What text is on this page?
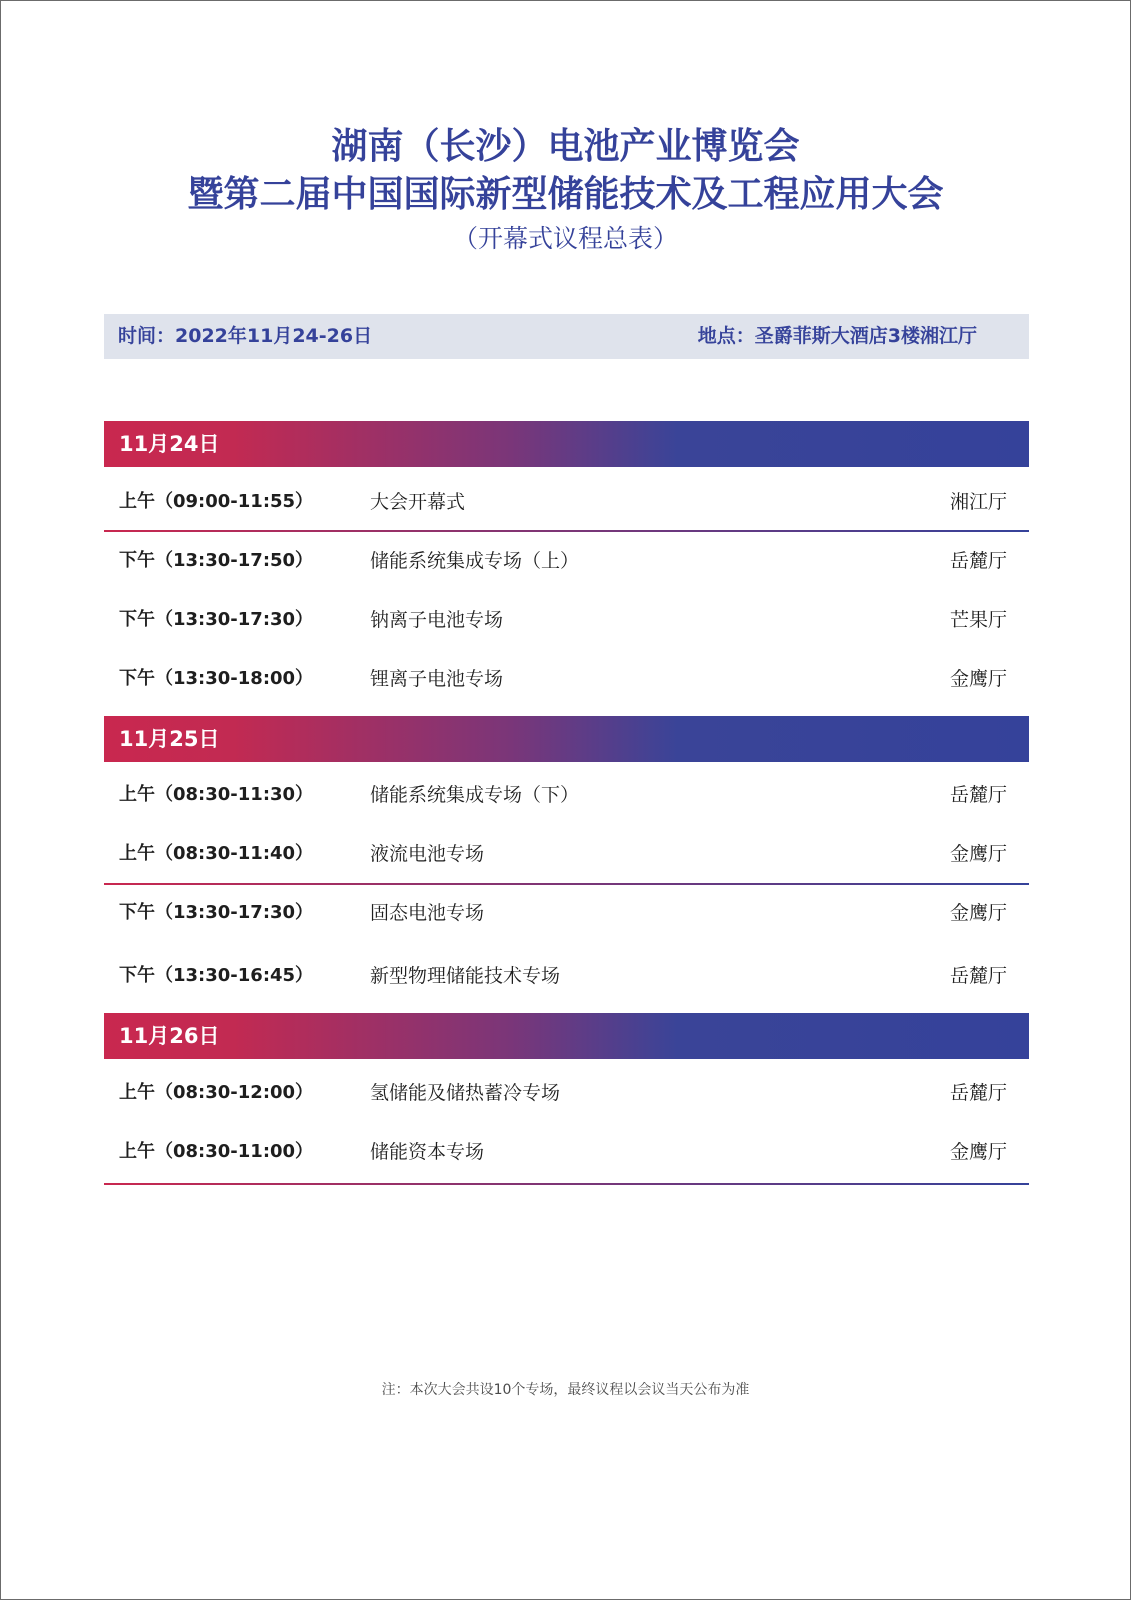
湖南（长沙）电池产业博览会
暨第二届中国国际新型储能技术及工程应用大会
（开幕式议程总表）
时间：2022年11月24-26日	地点：圣爵菲斯大酒店3楼湘江厅
11月24日
上午（09:00-11:55）	大会开幕式	湘江厅
下午（13:30-17:50）	储能系统集成专场（上）	岳麓厅
下午（13:30-17:30）	钠离子电池专场	芒果厅
下午（13:30-18:00）	锂离子电池专场	金鹰厅
11月25日
上午（08:30-11:30）	储能系统集成专场（下）	岳麓厅
上午（08:30-11:40）	液流电池专场	金鹰厅
下午（13:30-17:30）	固态电池专场	金鹰厅
下午（13:30-16:45）	新型物理储能技术专场	岳麓厅
11月26日
上午（08:30-12:00）	氢储能及储热蓄冷专场	岳麓厅
上午（08:30-11:00）	储能资本专场	金鹰厅
注：本次大会共设10个专场，最终议程以会议当天公布为准
